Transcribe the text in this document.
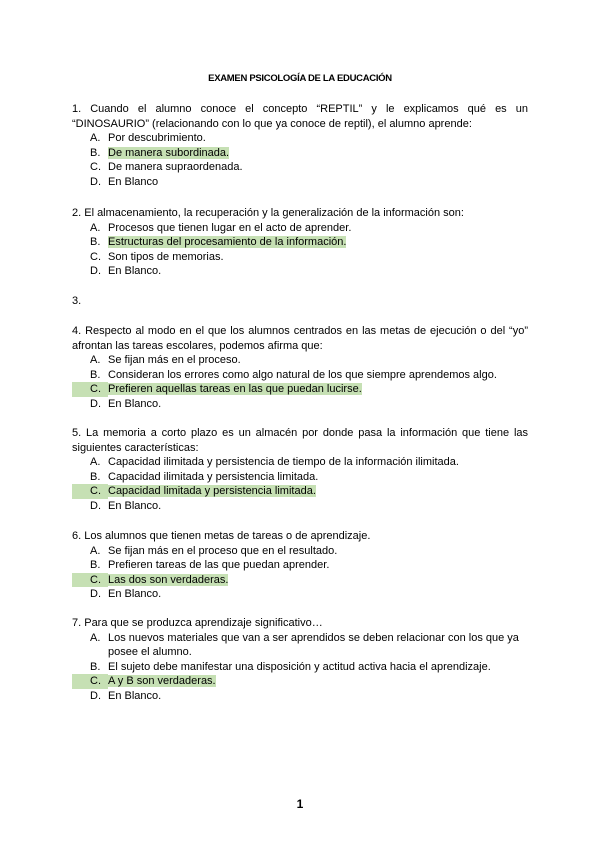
EXAMEN PSICOLOGÍA DE LA EDUCACIÓN
1. Cuando el alumno conoce el concepto “REPTIL” y le explicamos qué es un “DINOSAURIO” (relacionando con lo que ya conoce de reptil), el alumno aprende:
A. Por descubrimiento.
B. De manera subordinada.
C. De manera supraordenada.
D. En Blanco
2. El almacenamiento, la recuperación y la generalización de la información son:
A. Procesos que tienen lugar en el acto de aprender.
B. Estructuras del procesamiento de la información.
C. Son tipos de memorias.
D. En Blanco.
3.
4. Respecto al modo en el que los alumnos centrados en las metas de ejecución o del “yo” afrontan las tareas escolares, podemos afirma que:
A. Se fijan más en el proceso.
B. Consideran los errores como algo natural de los que siempre aprendemos algo.
C. Prefieren aquellas tareas en las que puedan lucirse.
D. En Blanco.
5. La memoria a corto plazo es un almacén por donde pasa la información que tiene las siguientes características:
A. Capacidad ilimitada y persistencia de tiempo de la información ilimitada.
B. Capacidad ilimitada y persistencia limitada.
C. Capacidad limitada y persistencia limitada.
D. En Blanco.
6. Los alumnos que tienen metas de tareas o de aprendizaje.
A. Se fijan más en el proceso que en el resultado.
B. Prefieren tareas de las que puedan aprender.
C. Las dos son verdaderas.
D. En Blanco.
7. Para que se produzca aprendizaje significativo…
A. Los nuevos materiales que van a ser aprendidos se deben relacionar con los que ya posee el alumno.
B. El sujeto debe manifestar una disposición y actitud activa hacia el aprendizaje.
C. A y B son verdaderas.
D. En Blanco.
1
